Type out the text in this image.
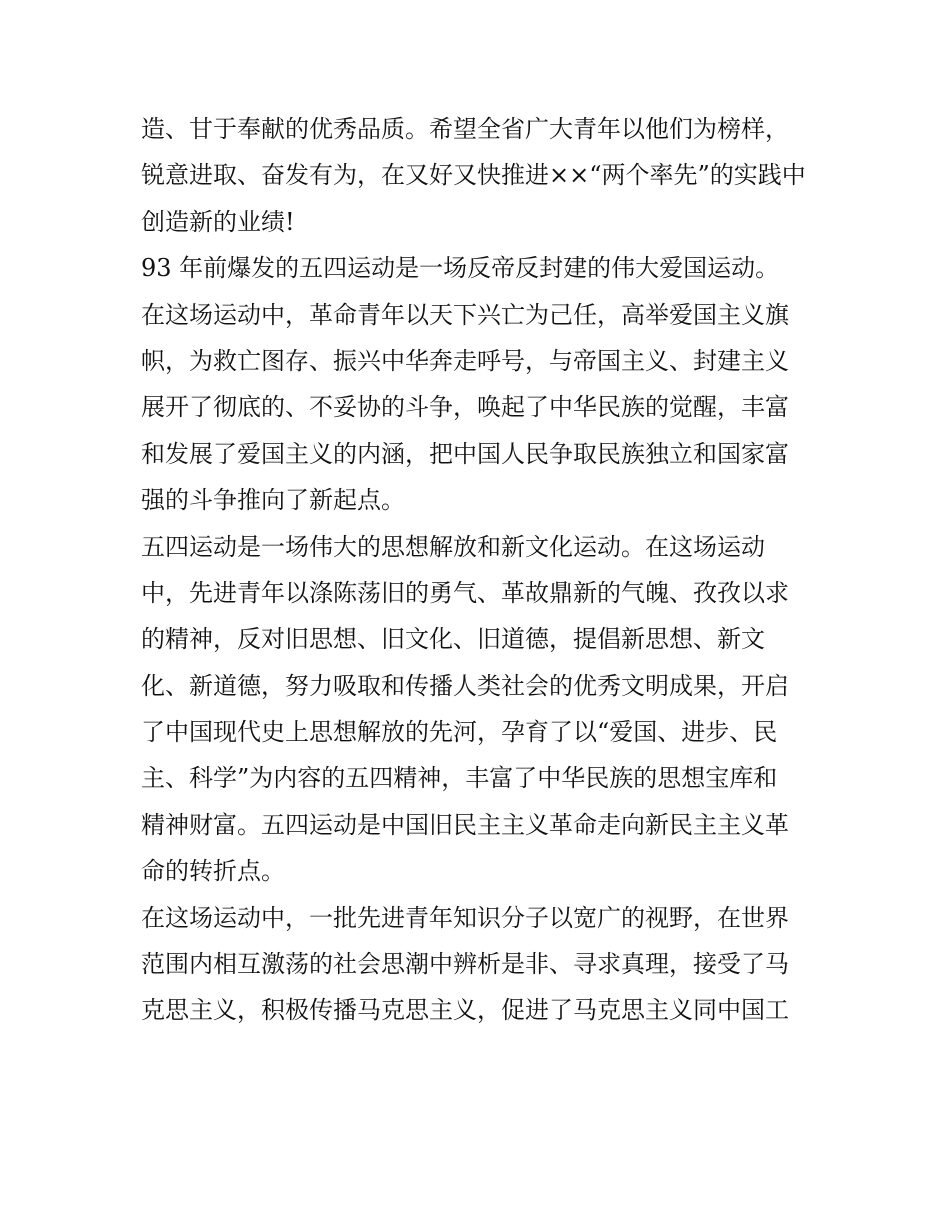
造、甘于奉献的优秀品质。希望全省广大青年以他们为榜样，
锐意进取、奋发有为，在又好又快推进××“两个率先”的实践中
创造新的业绩!
93 年前爆发的五四运动是一场反帝反封建的伟大爱国运动。
在这场运动中，革命青年以天下兴亡为己任，高举爱国主义旗
帜，为救亡图存、振兴中华奔走呼号，与帝国主义、封建主义
展开了彻底的、不妥协的斗争，唤起了中华民族的觉醒，丰富
和发展了爱国主义的内涵，把中国人民争取民族独立和国家富
强的斗争推向了新起点。
五四运动是一场伟大的思想解放和新文化运动。在这场运动
中，先进青年以涤陈荡旧的勇气、革故鼎新的气魄、孜孜以求
的精神，反对旧思想、旧文化、旧道德，提倡新思想、新文
化、新道德，努力吸取和传播人类社会的优秀文明成果，开启
了中国现代史上思想解放的先河，孕育了以“爱国、进步、民
主、科学”为内容的五四精神，丰富了中华民族的思想宝库和
精神财富。五四运动是中国旧民主主义革命走向新民主主义革
命的转折点。
在这场运动中，一批先进青年知识分子以宽广的视野，在世界
范围内相互激荡的社会思潮中辨析是非、寻求真理，接受了马
克思主义，积极传播马克思主义，促进了马克思主义同中国工
